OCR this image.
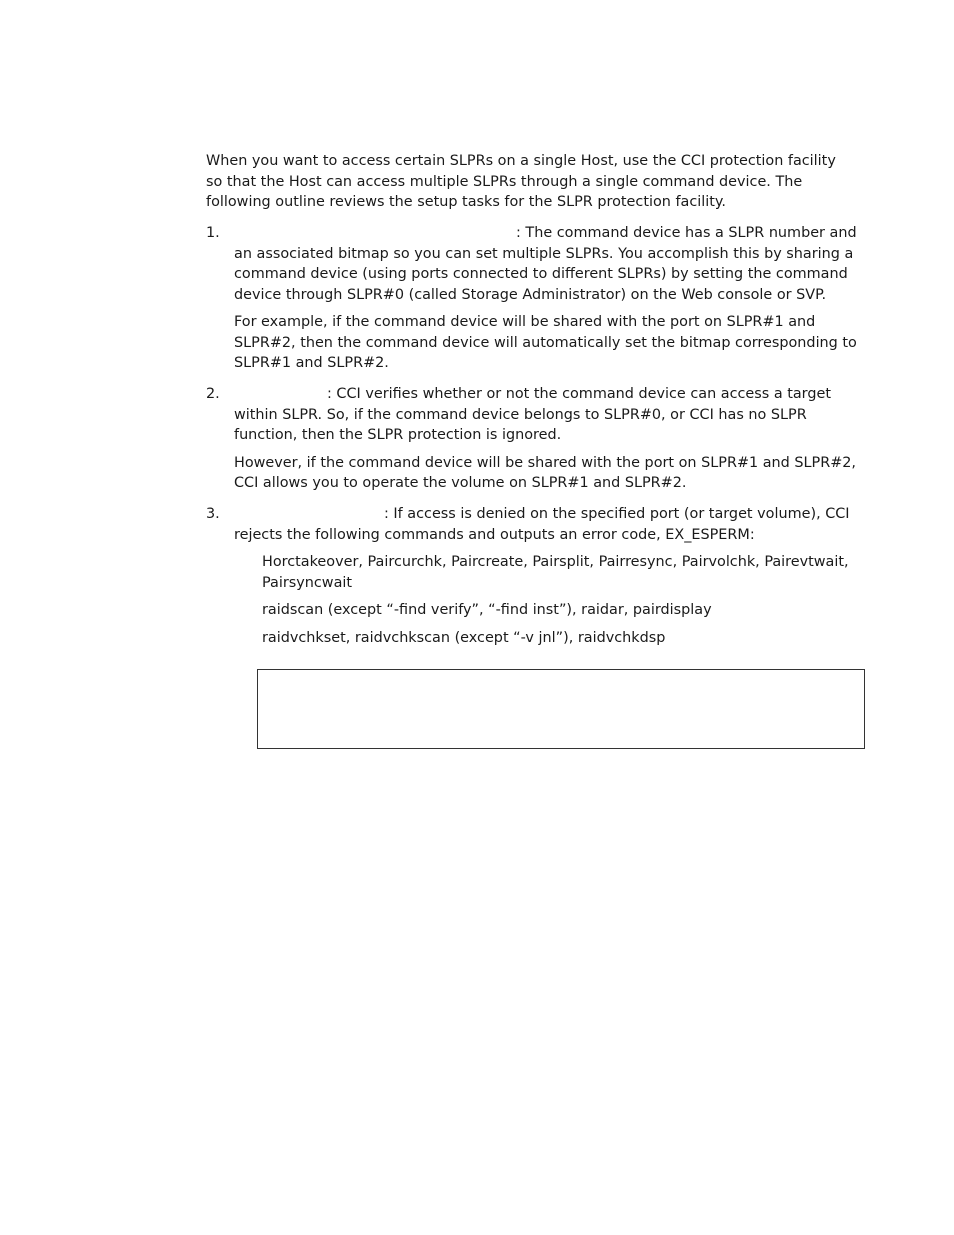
When you want to access certain SLPRs on a single Host, use the CCI protection facility so that the Host can access multiple SLPRs through a single command device. The following outline reviews the setup tasks for the SLPR protection facility.

1.	: The command device has a SLPR number and an associated bitmap so you can set multiple SLPRs. You accomplish this by sharing a command device (using ports connected to different SLPRs) by setting the command device through SLPR#0 (called Storage Administrator) on the Web console or SVP.

For example, if the command device will be shared with the port on SLPR#1 and SLPR#2, then the command device will automatically set the bitmap corresponding to SLPR#1 and SLPR#2.

2.	: CCI verifies whether or not the command device can access a target within SLPR. So, if the command device belongs to SLPR#0, or CCI has no SLPR function, then the SLPR protection is ignored.

However, if the command device will be shared with the port on SLPR#1 and SLPR#2, CCI allows you to operate the volume on SLPR#1 and SLPR#2.

3.	: If access is denied on the specified port (or target volume), CCI rejects the following commands and outputs an error code, EX_ESPERM:

Horctakeover, Paircurchk, Paircreate, Pairsplit, Pairresync, Pairvolchk, Pairevtwait, Pairsyncwait

raidscan (except “-find verify”, “-find inst”), raidar, pairdisplay

raidvchkset, raidvchkscan (except “-v jnl”), raidvchkdsp
